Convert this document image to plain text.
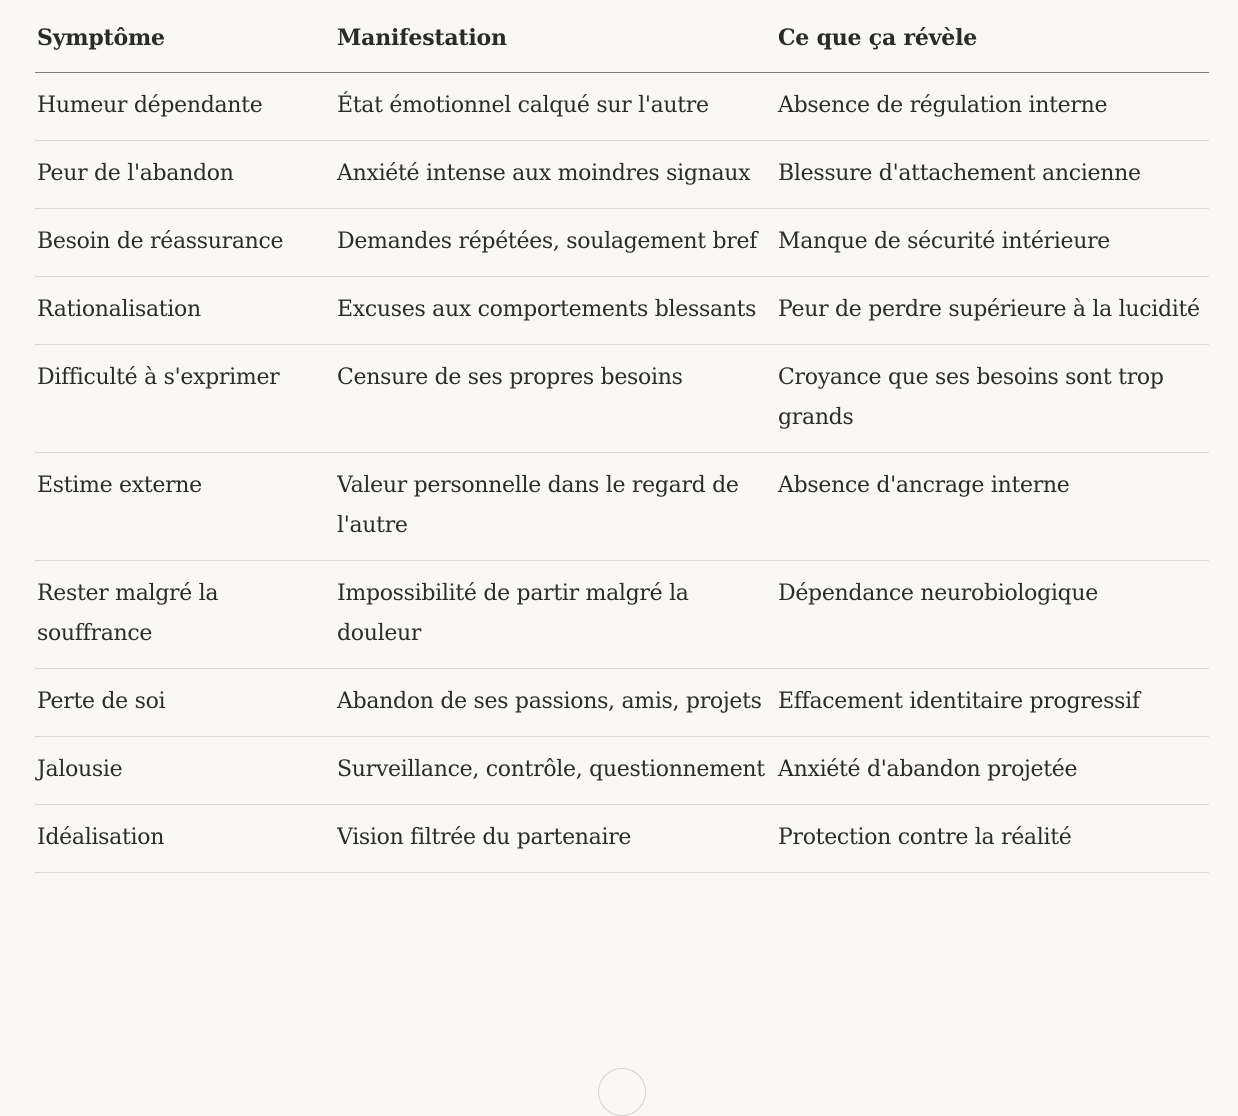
Symptôme	Manifestation	Ce que ça révèle
Humeur dépendante	État émotionnel calqué sur l'autre	Absence de régulation interne
Peur de l'abandon	Anxiété intense aux moindres signaux	Blessure d'attachement ancienne
Besoin de réassurance	Demandes répétées, soulagement bref	Manque de sécurité intérieure
Rationalisation	Excuses aux comportements blessants	Peur de perdre supérieure à la lucidité
Difficulté à s'exprimer	Censure de ses propres besoins	Croyance que ses besoins sont trop grands
Estime externe	Valeur personnelle dans le regard de l'autre	Absence d'ancrage interne
Rester malgré la souffrance	Impossibilité de partir malgré la douleur	Dépendance neurobiologique
Perte de soi	Abandon de ses passions, amis, projets	Effacement identitaire progressif
Jalousie	Surveillance, contrôle, questionnement	Anxiété d'abandon projetée
Idéalisation	Vision filtrée du partenaire	Protection contre la réalité
